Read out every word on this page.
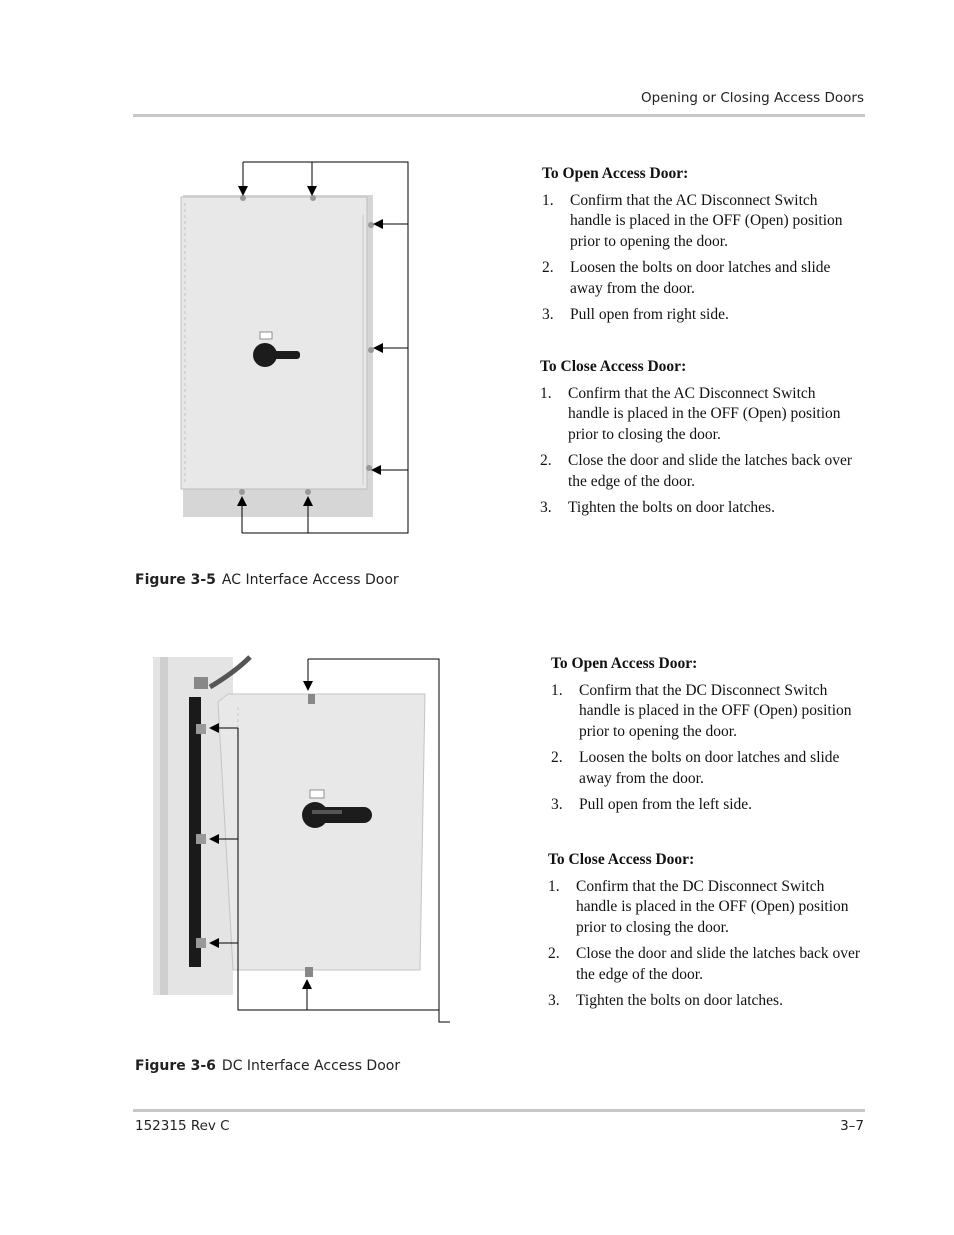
Opening or Closing Access Doors
To Open Access Door:
1. Confirm that the AC Disconnect Switch handle is placed in the OFF (Open) position prior to opening the door.
2. Loosen the bolts on door latches and slide away from the door.
3. Pull open from right side.
To Close Access Door:
1. Confirm that the AC Disconnect Switch handle is placed in the OFF (Open) position prior to closing the door.
2. Close the door and slide the latches back over the edge of the door.
3. Tighten the bolts on door latches.
Figure 3-5 AC Interface Access Door
To Open Access Door:
1. Confirm that the DC Disconnect Switch handle is placed in the OFF (Open) position prior to opening the door.
2. Loosen the bolts on door latches and slide away from the door.
3. Pull open from the left side.
To Close Access Door:
1. Confirm that the DC Disconnect Switch handle is placed in the OFF (Open) position prior to closing the door.
2. Close the door and slide the latches back over the edge of the door.
3. Tighten the bolts on door latches.
Figure 3-6 DC Interface Access Door
152315 Rev C	3–7
